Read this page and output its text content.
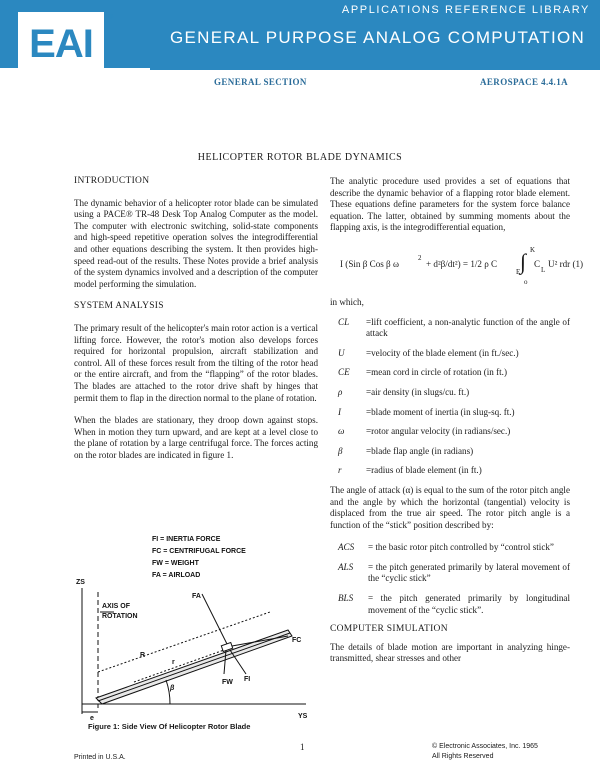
APPLICATIONS REFERENCE LIBRARY
GENERAL PURPOSE ANALOG COMPUTATION
EAI
®
GENERAL SECTION	AEROSPACE 4.4.1A
HELICOPTER ROTOR BLADE DYNAMICS
INTRODUCTION
The dynamic behavior of a helicopter rotor blade can be simulated using a PACE® TR-48 Desk Top Analog Computer as the model. The computer with electronic switching, solid-state components and high-speed repetitive operation solves the integrodifferential and other equations describing the system. It then provides high-speed read-out of the results. These Notes provide a brief analysis of the system dynamics involved and a description of the computer model performing the simulation.
SYSTEM ANALYSIS
The primary result of the helicopter's main rotor action is a vertical lifting force. However, the rotor's motion also develops forces required for horizontal propulsion, aircraft stabilization and control. All of these forces result from the tilting of the rotor head or the entire aircraft, and from the “flapping” of the rotor blades. The blades are attached to the rotor drive shaft by hinges that permit them to flap in the direction normal to the plane of rotation.
When the blades are stationary, they droop down against stops. When in motion they turn upward, and are kept at a level close to the plane of rotation by a large centrifugal force. The forces acting on the rotor blades are indicated in figure 1.
The analytic procedure used provides a set of equations that describe the dynamic behavior of a flapping rotor blade element. These equations define parameters for the system force balance equation. The latter, obtained by summing moments about the flapping axis, is the integrodifferential equation,
I (Sin β Cos β ω
2
+ d²β/dt²) = 1/2 ρ C
E ∫ K
o
C
L
U² rdr (1)
in which,
CL	=lift coefficient, a non-analytic function of the angle of attack
U	=velocity of the blade element (in ft./sec.)
CE	=mean cord in circle of rotation (in ft.)
ρ	=air density (in slugs/cu. ft.)
I	=blade moment of inertia (in slug-sq. ft.)
ω	=rotor angular velocity (in radians/sec.)
β	=blade flap angle (in radians)
r	=radius of blade element (in ft.)
The angle of attack (α) is equal to the sum of the rotor pitch angle and the angle by which the horizontal (tangential) velocity is displaced from the true air speed. The rotor pitch angle is a function of the “stick” position described by:
ACS	= the basic rotor pitch controlled by “control stick”
ALS	= the pitch generated primarily by lateral movement of the “cyclic stick”
BLS	= the pitch generated primarily by longitudinal movement of the “cyclic stick”.
COMPUTER SIMULATION
The details of blade motion are important in analyzing hinge-transmitted, shear stresses and other
FI = INERTIA FORCE
FC = CENTRIFUGAL FORCE
FW = WEIGHT
FA = AIRLOAD
ZS
YS
AXIS OF
ROTATION
FA
FC
FW FI
R
r
β
e
Figure 1: Side View Of Helicopter Rotor Blade
Printed in U.S.A.
1	© Electronic Associates, Inc. 1965
All Rights Reserved
